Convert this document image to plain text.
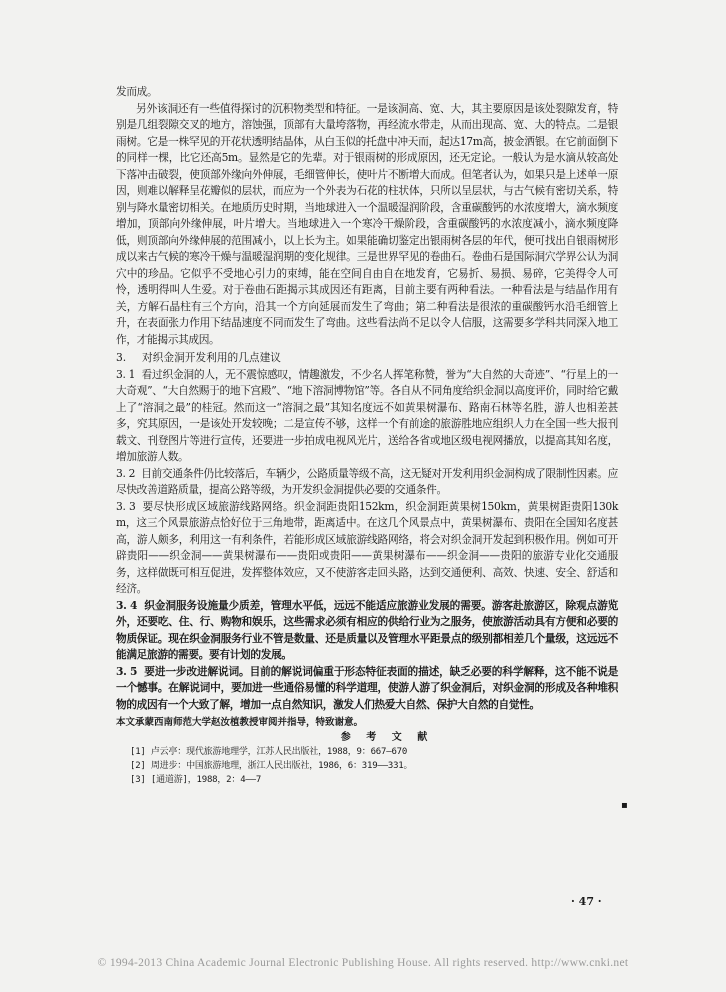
发而成。

另外该洞还有一些值得探讨的沉积物类型和特征。一是该洞高、宽、大，其主要原因是该处裂隙发育，特别是几组裂隙交叉的地方，溶蚀强，顶部有大量垮落物，再经流水带走，从而出现高、宽、大的特点。二是银雨树。它是一株罕见的开花状透明结晶体，从白玉似的托盘中冲天而，起达17m高，披金洒银。在它前面倒下的同样一棵，比它还高5m。显然是它的先辈。对于银雨树的形成原因，还无定论。一般认为是水滴从较高处下落冲击破裂，使顶部外缘向外伸展，毛细管伸长，使叶片不断增大而成。但笔者认为，如果只是上述单一原因，则难以解释呈花瓣似的层状，而应为一个外表为石花的柱状体，只所以呈层状，与古气候有密切关系，特别与降水量密切相关。在地质历史时期，当地球进入一个温暖湿润阶段，含重碳酸钙的水浓度增大，滴水频度增加，顶部向外缘伸展，叶片增大。当地球进入一个寒冷干燥阶段，含重碳酸钙的水浓度减小，滴水频度降低，则顶部向外缘伸展的范围减小，以上长为主。如果能确切鉴定出银雨树各层的年代，便可找出自银雨树形成以来古气候的寒冷干燥与温暖湿润期的变化规律。三是世界罕见的卷曲石。卷曲石是国际洞穴学界公认为洞穴中的珍品。它似乎不受地心引力的束缚，能在空间自由自在地发育，它易折、易损、易碎，它美得令人可怜，透明得叫人生爱。对于卷曲石距揭示其成因还有距离，目前主要有两种看法。一种看法是与结晶作用有关，方解石晶柱有三个方向，沿其一个方向延展而发生了弯曲；第二种看法是很浓的重碳酸钙水沿毛细管上升，在表面张力作用下结晶速度不同而发生了弯曲。这些看法尚不足以令人信服，这需要多学科共同深入地工作，才能揭示其成因。

3. 对织金洞开发利用的几点建议

3. 1 看过织金洞的人，无不震惊感叹，情趣激发，不少名人挥笔称赞，誉为“大自然的大奇迹”、“行星上的一大奇观”、“大自然赐于的地下宫殿”、“地下溶洞博物馆”等。各自从不同角度给织金洞以高度评价，同时给它戴上了“溶洞之最”的桂冠。然而这一“溶洞之最”其知名度远不如黄果树瀑布、路南石林等名胜，游人也相差甚多，究其原因，一是该处开发较晚；二是宣传不够，这样一个有前途的旅游胜地应组织人力在全国一些大报刊载文、刊登图片等进行宣传，还要进一步拍成电视风光片，送给各省或地区级电视网播放，以提高其知名度，增加旅游人数。

3. 2 目前交通条件仍比较落后，车辆少，公路质量等级不高，这无疑对开发利用织金洞构成了限制性因素。应尽快改善道路质量，提高公路等级，为开发织金洞提供必要的交通条件。

3. 3 要尽快形成区域旅游线路网络。织金洞距贵阳152km，织金洞距黄果树150km，黄果树距贵阳130km，这三个风景旅游点恰好位于三角地带，距离适中。在这几个风景点中，黄果树瀑布、贵阳在全国知名度甚高，游人颇多，利用这一有利条件，若能形成区域旅游线路网络，将会对织金洞开发起到积极作用。例如可开辟贵阳——织金洞——黄果树瀑布——贵阳或贵阳——黄果树瀑布——织金洞——贵阳的旅游专业化交通服务，这样做既可相互促进，发挥整体效应，又不使游客走回头路，达到交通便利、高效、快速、安全、舒适和经济。

3. 4 织金洞服务设施量少质差，管理水平低，远远不能适应旅游业发展的需要。游客赴旅游区，除观点游览外，还要吃、住、行、购物和娱乐，这些需求必须有相应的供给行业为之服务，使旅游活动具有方便和必要的物质保证。现在织金洞服务行业不管是数量、还是质量以及管理水平距景点的级别都相差几个量级，这远远不能满足旅游的需要。要有计划的发展。

3. 5 要进一步改进解说词。目前的解说词偏重于形态特征表面的描述，缺乏必要的科学解释，这不能不说是一个憾事。在解说词中，要加进一些通俗易懂的科学道理，使游人游了织金洞后，对织金洞的形成及各种堆积物的成因有一个大致了解，增加一点自然知识，激发人们热爱大自然、保护大自然的自觉性。

本文承蒙西南师范大学赵汝植教授审阅并指导，特致谢意。
参 考 文 献
[1] 卢云亭：现代旅游地理学，江苏人民出版社，1988，9：667—670
[2] 周进步：中国旅游地理，浙江人民出版社，1986，6：319——331。
[3] [通道游]，1988，2：4——7
▪
· 47 ·
© 1994-2013 China Academic Journal Electronic Publishing House. All rights reserved. http://www.cnki.net
